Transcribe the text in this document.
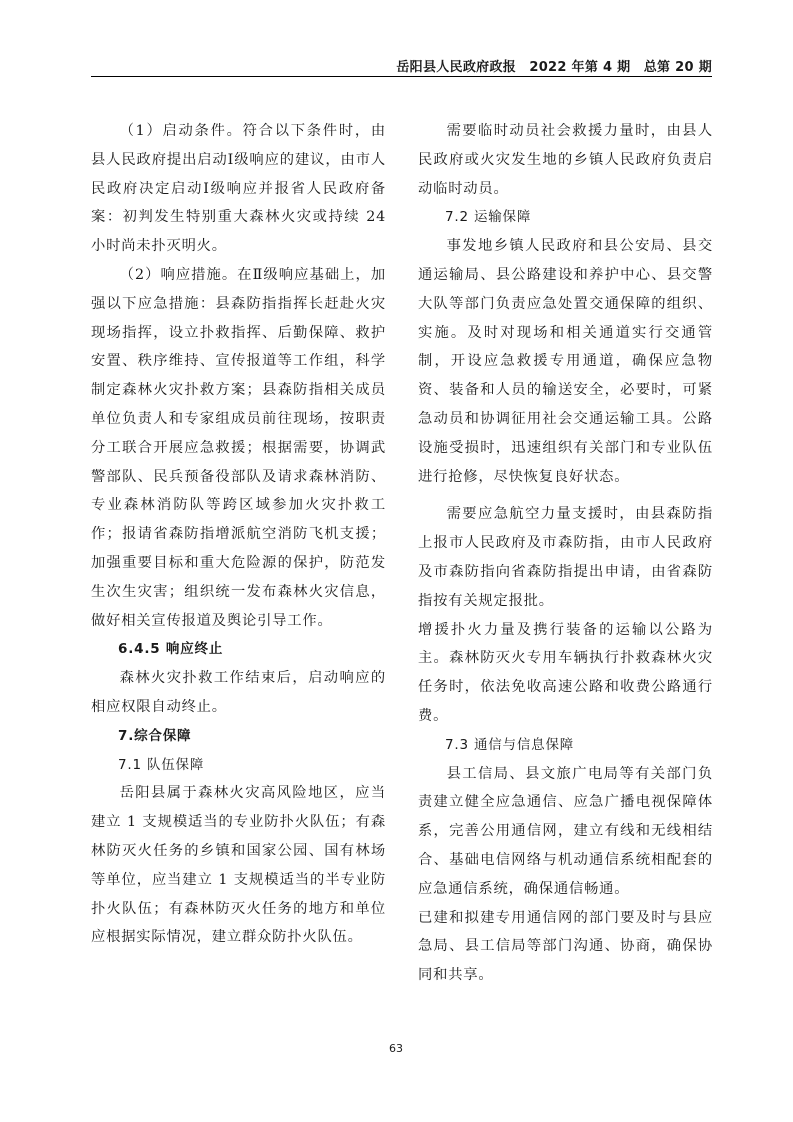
岳阳县人民政府政报　2022 年第 4 期　总第 20 期

（1）启动条件。符合以下条件时，由县人民政府提出启动Ⅰ级响应的建议，由市人民政府决定启动Ⅰ级响应并报省人民政府备案：初判发生特别重大森林火灾或持续 24 小时尚未扑灭明火。

（2）响应措施。在Ⅱ级响应基础上，加强以下应急措施：县森防指指挥长赶赴火灾现场指挥，设立扑救指挥、后勤保障、救护安置、秩序维持、宣传报道等工作组，科学制定森林火灾扑救方案；县森防指相关成员单位负责人和专家组成员前往现场，按职责分工联合开展应急救援；根据需要，协调武警部队、民兵预备役部队及请求森林消防、专业森林消防队等跨区域参加火灾扑救工作；报请省森防指增派航空消防飞机支援；加强重要目标和重大危险源的保护，防范发生次生灾害；组织统一发布森林火灾信息，做好相关宣传报道及舆论引导工作。

6.4.5 响应终止

森林火灾扑救工作结束后，启动响应的相应权限自动终止。

7.综合保障

7.1 队伍保障

岳阳县属于森林火灾高风险地区，应当建立 1 支规模适当的专业防扑火队伍；有森林防灭火任务的乡镇和国家公园、国有林场等单位，应当建立 1 支规模适当的半专业防扑火队伍；有森林防灭火任务的地方和单位应根据实际情况，建立群众防扑火队伍。

需要临时动员社会救援力量时，由县人民政府或火灾发生地的乡镇人民政府负责启动临时动员。

7.2 运输保障

事发地乡镇人民政府和县公安局、县交通运输局、县公路建设和养护中心、县交警大队等部门负责应急处置交通保障的组织、实施。及时对现场和相关通道实行交通管制，开设应急救援专用通道，确保应急物资、装备和人员的输送安全，必要时，可紧急动员和协调征用社会交通运输工具。公路设施受损时，迅速组织有关部门和专业队伍进行抢修，尽快恢复良好状态。

需要应急航空力量支援时，由县森防指上报市人民政府及市森防指，由市人民政府及市森防指向省森防指提出申请，由省森防指按有关规定报批。

增援扑火力量及携行装备的运输以公路为主。森林防灭火专用车辆执行扑救森林火灾任务时，依法免收高速公路和收费公路通行费。

7.3 通信与信息保障

县工信局、县文旅广电局等有关部门负责建立健全应急通信、应急广播电视保障体系，完善公用通信网，建立有线和无线相结合、基础电信网络与机动通信系统相配套的应急通信系统，确保通信畅通。

已建和拟建专用通信网的部门要及时与县应急局、县工信局等部门沟通、协商，确保协同和共享。

63
